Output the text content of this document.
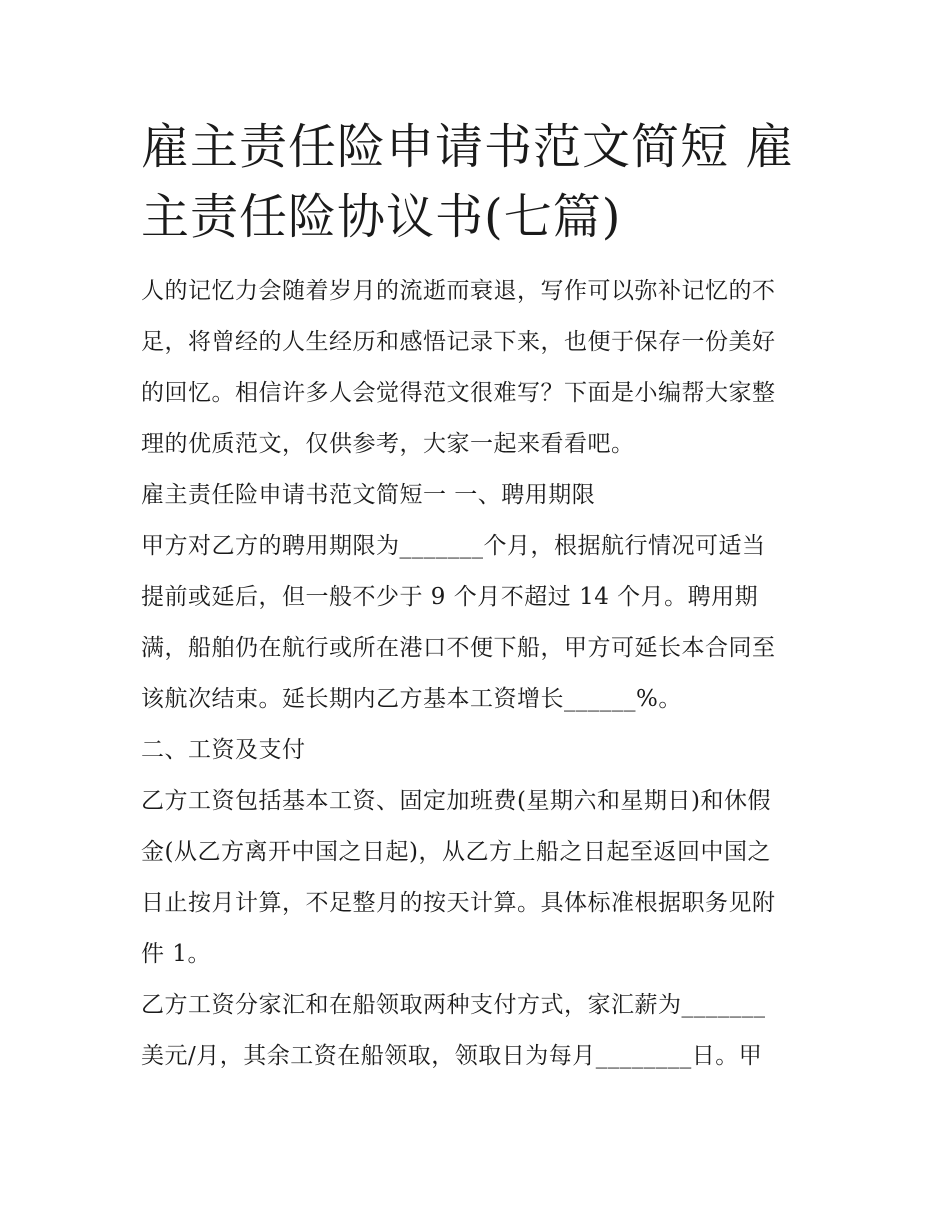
雇主责任险申请书范文简短 雇
主责任险协议书(七篇)

人的记忆力会随着岁月的流逝而衰退，写作可以弥补记忆的不
足，将曾经的人生经历和感悟记录下来，也便于保存一份美好
的回忆。相信许多人会觉得范文很难写？下面是小编帮大家整
理的优质范文，仅供参考，大家一起来看看吧。

雇主责任险申请书范文简短一 一、聘用期限

甲方对乙方的聘用期限为_______个月，根据航行情况可适当
提前或延后，但一般不少于 9 个月不超过 14 个月。聘用期
满，船舶仍在航行或所在港口不便下船，甲方可延长本合同至
该航次结束。延长期内乙方基本工资增长______%。

二、工资及支付

乙方工资包括基本工资、固定加班费(星期六和星期日)和休假
金(从乙方离开中国之日起)，从乙方上船之日起至返回中国之
日止按月计算，不足整月的按天计算。具体标准根据职务见附
件 1。

乙方工资分家汇和在船领取两种支付方式，家汇薪为_______
美元/月，其余工资在船领取，领取日为每月________日。甲
